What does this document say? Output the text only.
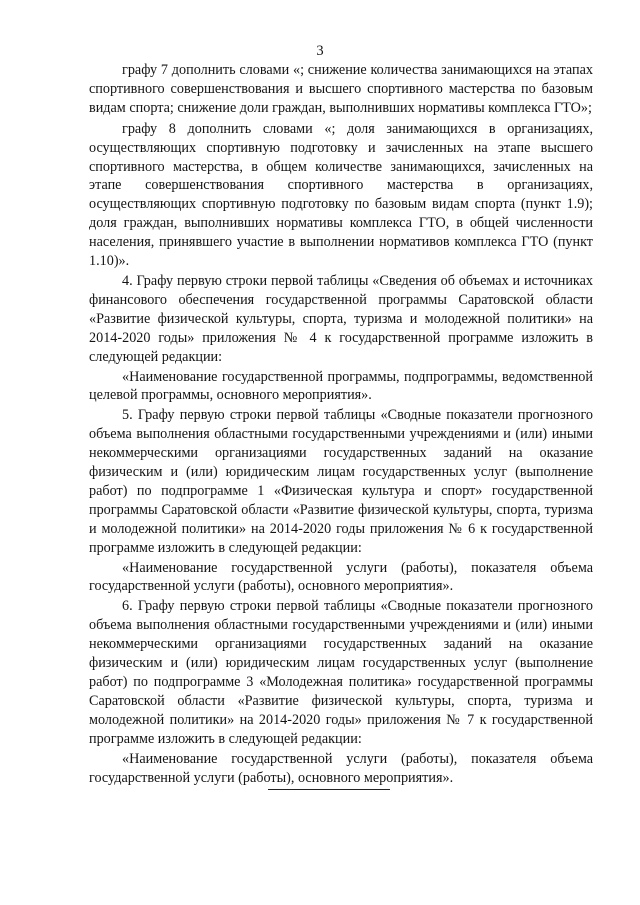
3

графу 7 дополнить словами «; снижение количества занимающихся на этапах спортивного совершенствования и высшего спортивного мастерства по базовым видам спорта; снижение доли граждан, выполнивших нормативы комплекса ГТО»;

графу 8 дополнить словами «; доля занимающихся в организациях, осуществляющих спортивную подготовку и зачисленных на этапе высшего спортивного мастерства, в общем количестве занимающихся, зачисленных на этапе совершенствования спортивного мастерства в организациях, осуществляющих спортивную подготовку по базовым видам спорта (пункт 1.9); доля граждан, выполнивших нормативы комплекса ГТО, в общей численности населения, принявшего участие в выполнении нормативов комплекса ГТО (пункт 1.10)».

4. Графу первую строки первой таблицы «Сведения об объемах и источниках финансового обеспечения государственной программы Саратовской области «Развитие физической культуры, спорта, туризма и молодежной политики» на 2014-2020 годы» приложения № 4 к государственной программе изложить в следующей редакции:

«Наименование государственной программы, подпрограммы, ведомственной целевой программы, основного мероприятия».

5. Графу первую строки первой таблицы «Сводные показатели прогнозного объема выполнения областными государственными учреждениями и (или) иными некоммерческими организациями государственных заданий на оказание физическим и (или) юридическим лицам государственных услуг (выполнение работ) по подпрограмме 1 «Физическая культура и спорт» государственной программы Саратовской области «Развитие физической культуры, спорта, туризма и молодежной политики» на 2014-2020 годы приложения № 6 к государственной программе изложить в следующей редакции:

«Наименование государственной услуги (работы), показателя объема государственной услуги (работы), основного мероприятия».

6. Графу первую строки первой таблицы «Сводные показатели прогнозного объема выполнения областными государственными учреждениями и (или) иными некоммерческими организациями государственных заданий на оказание физическим и (или) юридическим лицам государственных услуг (выполнение работ) по подпрограмме 3 «Молодежная политика» государственной программы Саратовской области «Развитие физической культуры, спорта, туризма и молодежной политики» на 2014-2020 годы» приложения № 7 к государственной программе изложить в следующей редакции:

«Наименование государственной услуги (работы), показателя объема государственной услуги (работы), основного мероприятия».
